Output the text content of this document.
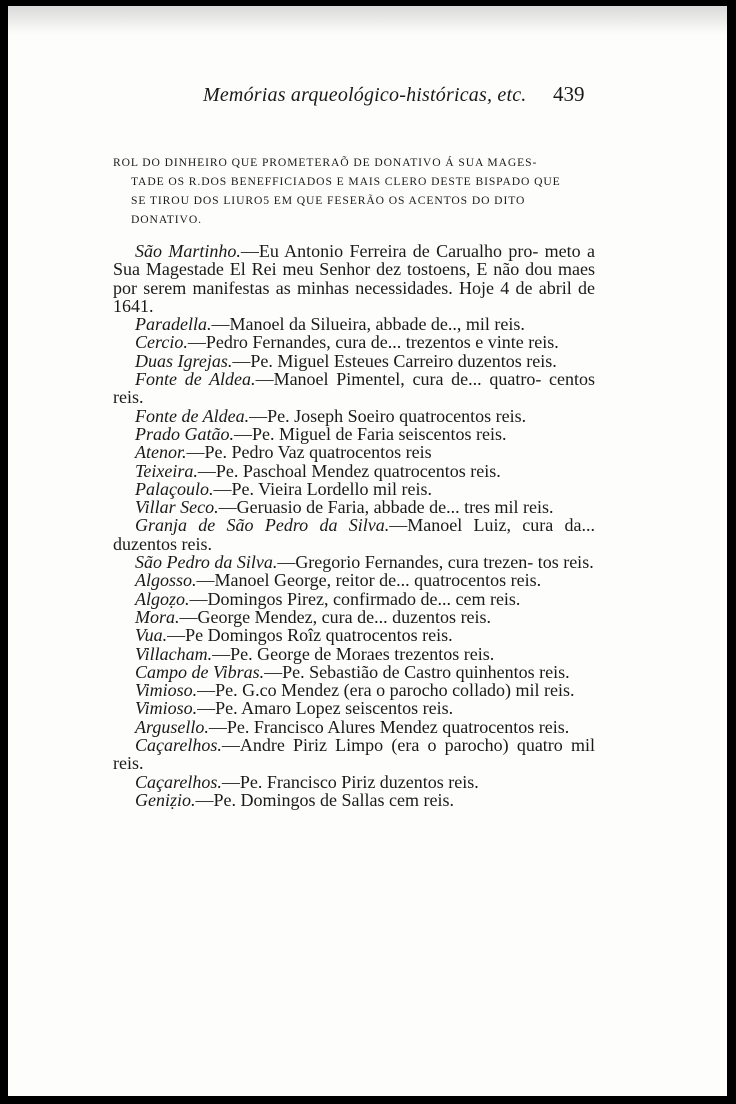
Memórias arqueológico-históricas, etc.	439
ROL DO DINHEIRO QUE PROMETERAÕ DE DONATIVO Á SUA MAGES-
TADE OS R.DOS BENEFFICIADOS E MAIS CLERO DESTE BISPADO QUE
SE TIROU DOS LIURO5 EM QUE FESERÃO OS ACENTOS DO DITO
DONATIVO.

São Martinho.—Eu Antonio Ferreira de Carualho pro- meto a Sua Magestade El Rei meu Senhor dez tostoens, E não dou maes por serem manifestas as minhas necessidades. Hoje 4 de abril de 1641.

Paradella.—Manoel da Silueira, abbade de.., mil reis.

Cercio.—Pedro Fernandes, cura de... trezentos e vinte reis.

Duas Igrejas.—Pe. Miguel Esteues Carreiro duzentos reis.

Fonte de Aldea.—Manoel Pimentel, cura de... quatro- centos reis.

Fonte de Aldea.—Pe. Joseph Soeiro quatrocentos reis.

Prado Gatão.—Pe. Miguel de Faria seiscentos reis.

Atenor.—Pe. Pedro Vaz quatrocentos reis

Teixeira.—Pe. Paschoal Mendez quatrocentos reis.

Palaçoulo.—Pe. Vieira Lordello mil reis.

Villar Seco.—Geruasio de Faria, abbade de... tres mil reis.

Granja de São Pedro da Silva.—Manoel Luiz, cura da... duzentos reis.

São Pedro da Silva.—Gregorio Fernandes, cura trezen- tos reis.

Algosso.—Manoel George, reitor de... quatrocentos reis.

Algoẓo.—Domingos Pirez, confirmado de... cem reis.

Mora.—George Mendez, cura de... duzentos reis.

Vua.—Pe Domingos Roîz quatrocentos reis.

Villacham.—Pe. George de Moraes trezentos reis.

Campo de Vibras.—Pe. Sebastião de Castro quinhentos reis.

Vimioso.—Pe. G.co Mendez (era o parocho collado) mil reis.

Vimioso.—Pe. Amaro Lopez seiscentos reis.

Argusello.—Pe. Francisco Alures Mendez quatrocentos reis.

Caçarelhos.—Andre Piriz Limpo (era o parocho) quatro mil reis.

Caçarelhos.—Pe. Francisco Piriz duzentos reis.

Geniẓio.—Pe. Domingos de Sallas cem reis.
